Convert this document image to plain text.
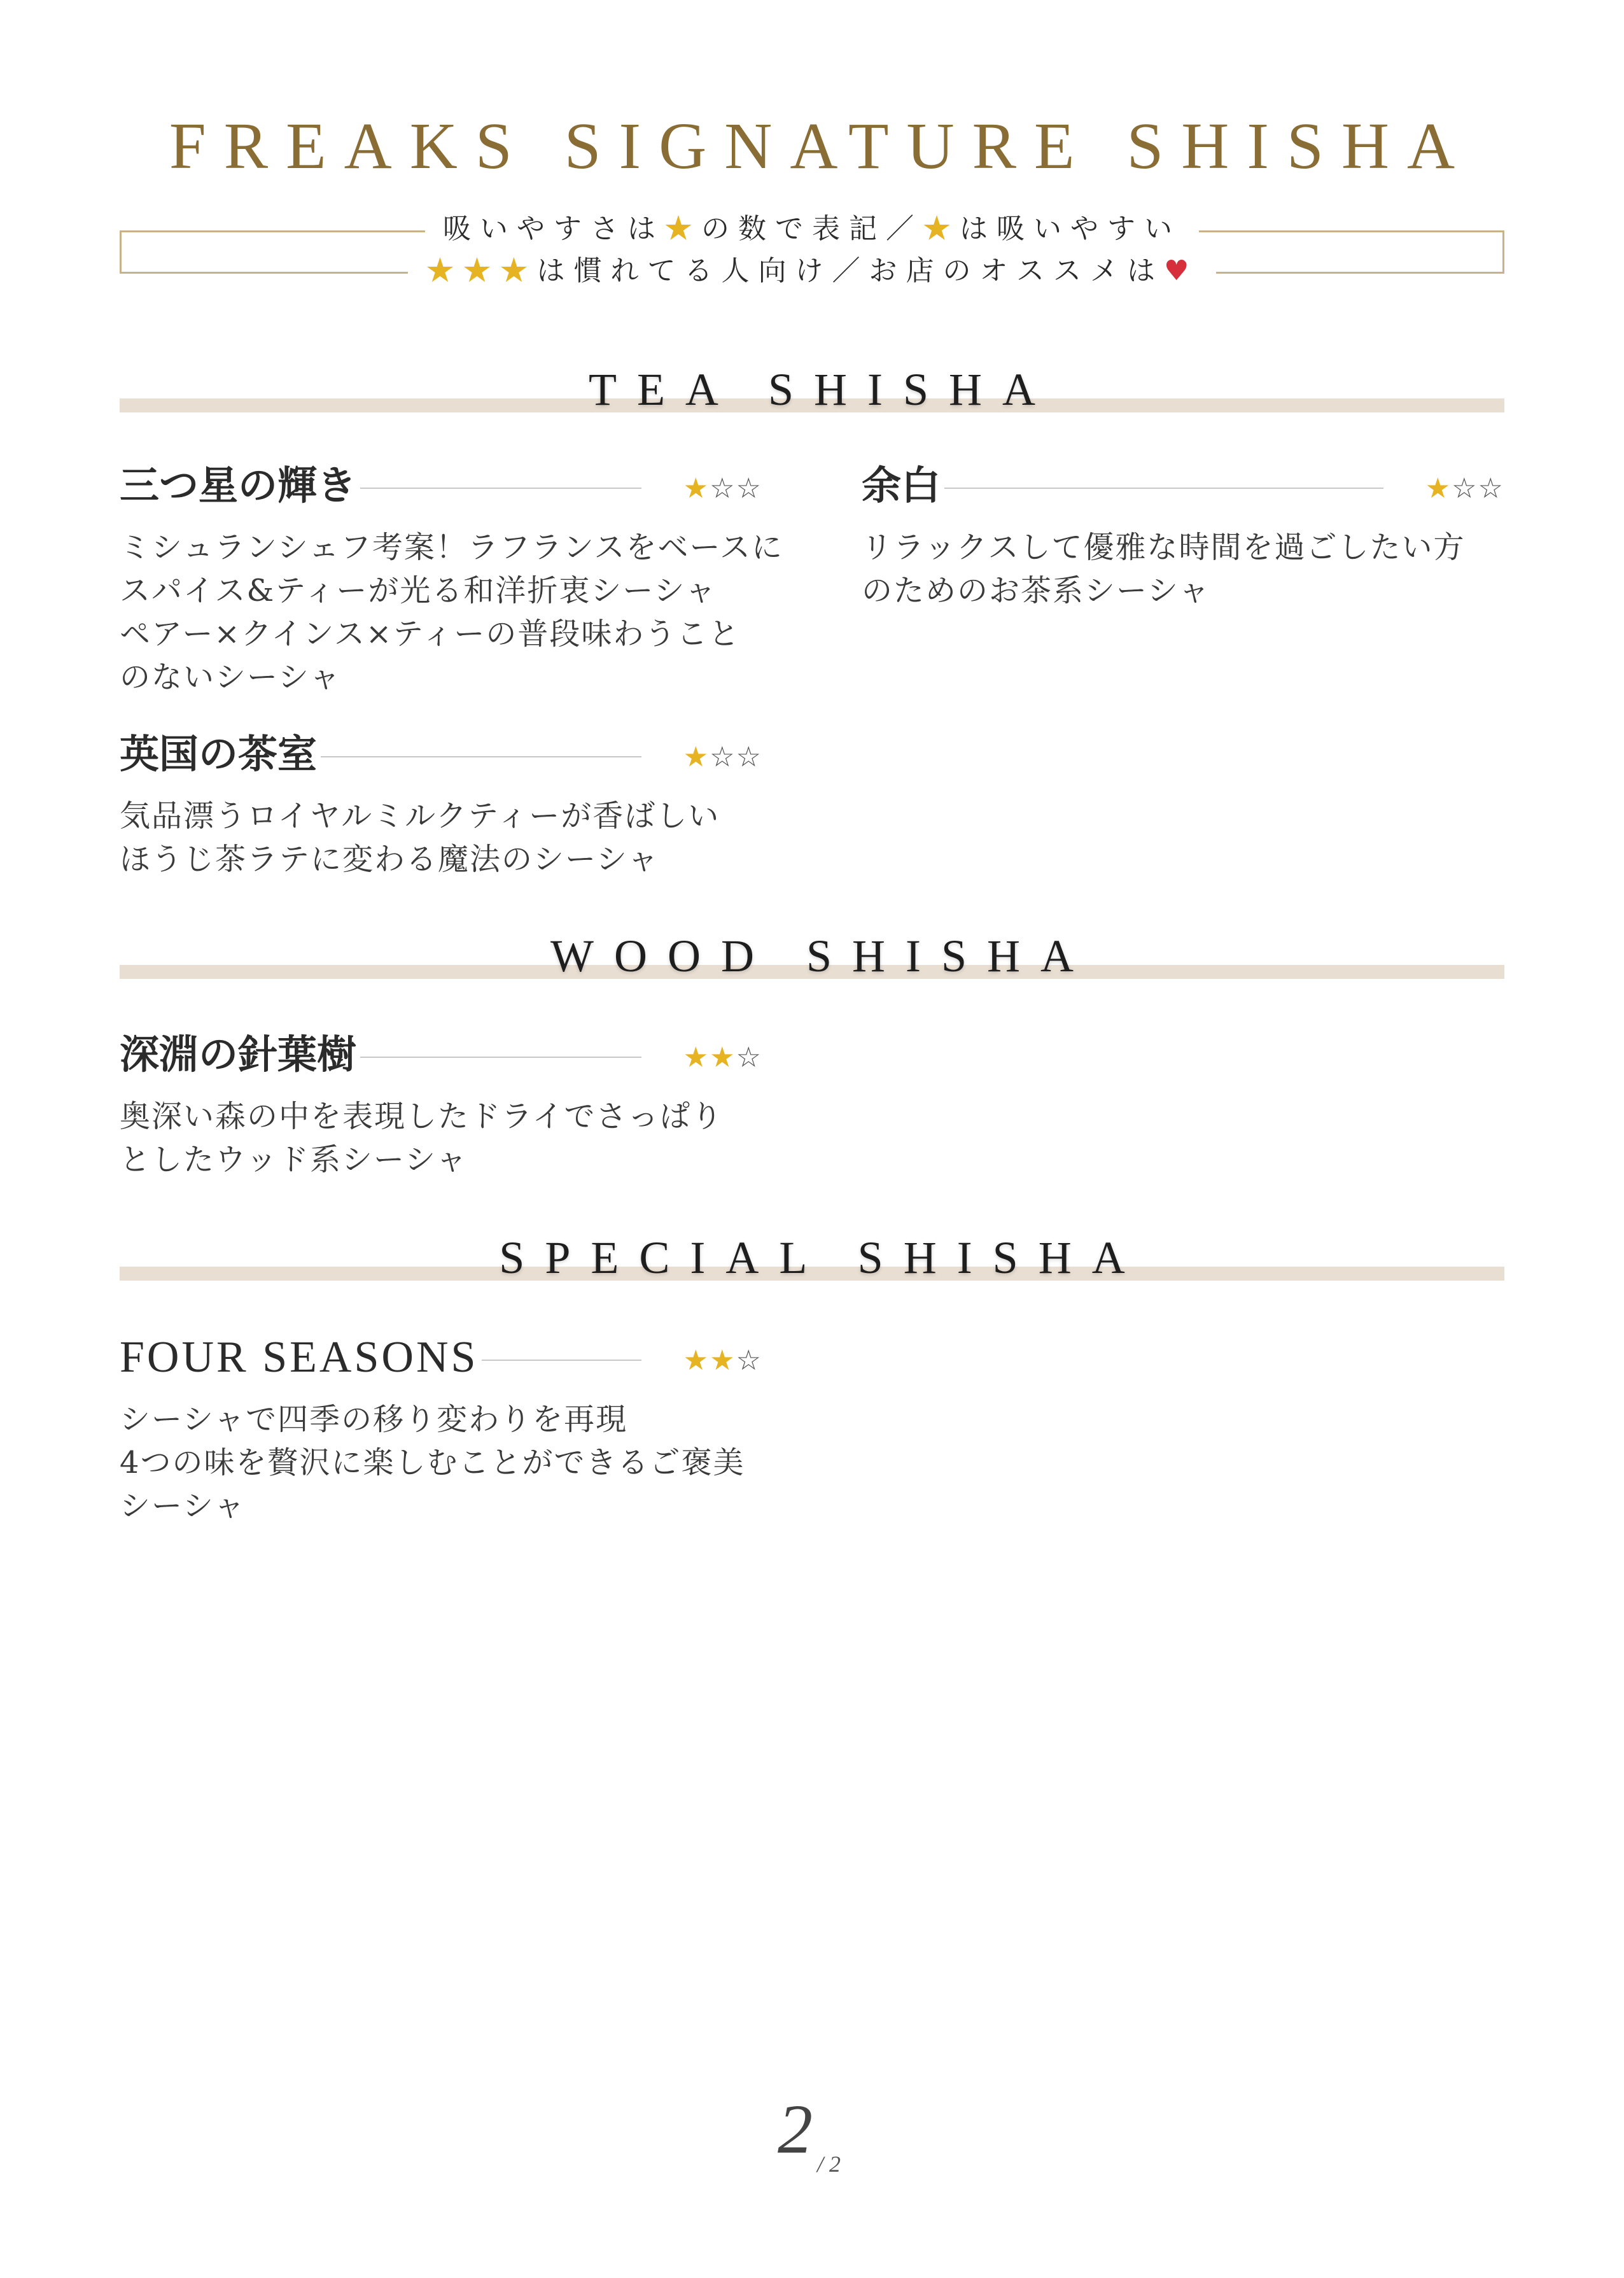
FREAKS SIGNATURE SHISHA
吸いやすさは★の数で表記／★は吸いやすい
★★★は慣れてる人向け／お店のオススメは♥
TEA SHISHA
三つ星の輝き	★☆☆
ミシュランシェフ考案！ラフランスをベースに
スパイス&ティーが光る和洋折衷シーシャ
ペアー×クインス×ティーの普段味わうこと
のないシーシャ
余白	★☆☆
リラックスして優雅な時間を過ごしたい方
のためのお茶系シーシャ
英国の茶室	★☆☆
気品漂うロイヤルミルクティーが香ばしい
ほうじ茶ラテに変わる魔法のシーシャ
WOOD SHISHA
深淵の針葉樹	★★☆
奥深い森の中を表現したドライでさっぱり
としたウッド系シーシャ
SPECIAL SHISHA
FOUR SEASONS	★★☆
シーシャで四季の移り変わりを再現
4つの味を贅沢に楽しむことができるご褒美
シーシャ
2 / 2
